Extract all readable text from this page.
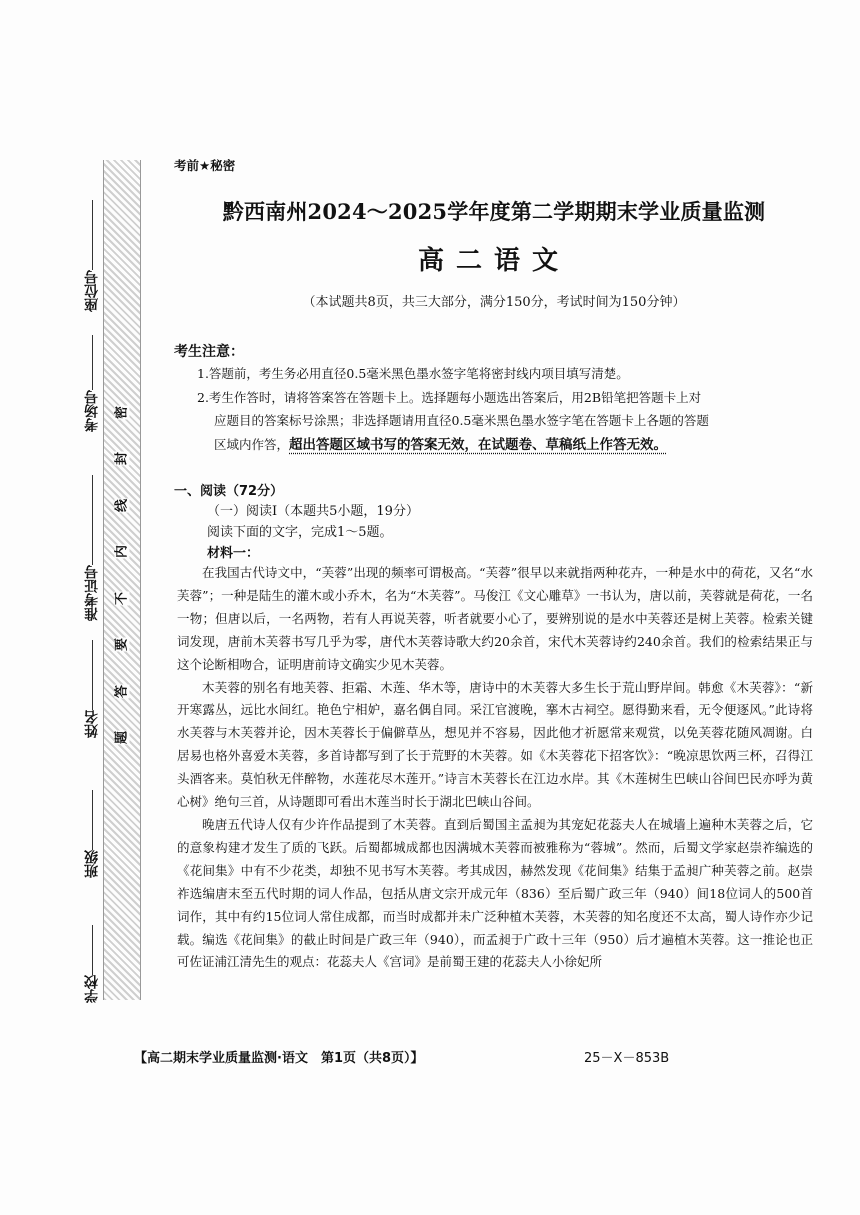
密
封
线
内
不
要
答
题
座位号
考场号
准考证号
姓名
班级
学校
考前★秘密
黔西南州2024～2025学年度第二学期期末学业质量监测
高二语文
（本试题共8页，共三大部分，满分150分，考试时间为150分钟）
考生注意：

1.答题前，考生务必用直径0.5毫米黑色墨水签字笔将密封线内项目填写清楚。

2.考生作答时，请将答案答在答题卡上。选择题每小题选出答案后，用2B铅笔把答题卡上对

应题目的答案标号涂黑；非选择题请用直径0.5毫米黑色墨水签字笔在答题卡上各题的答题

区域内作答，超出答题区域书写的答案无效，在试题卷、草稿纸上作答无效。

一、阅读（72分）
（一）阅读Ⅰ（本题共5小题，19分）
阅读下面的文字，完成1～5题。
材料一：

在我国古代诗文中，“芙蓉”出现的频率可谓极高。“芙蓉”很早以来就指两种花卉，一种是水中的荷花，又名“水芙蓉”；一种是陆生的灌木或小乔木，名为“木芙蓉”。马俊江《文心雕草》一书认为，唐以前，芙蓉就是荷花，一名一物；但唐以后，一名两物，若有人再说芙蓉，听者就要小心了，要辨别说的是水中芙蓉还是树上芙蓉。检索关键词发现，唐前木芙蓉书写几乎为零，唐代木芙蓉诗歌大约20余首，宋代木芙蓉诗约240余首。我们的检索结果正与这个论断相吻合，证明唐前诗文确实少见木芙蓉。

木芙蓉的别名有地芙蓉、拒霜、木莲、华木等，唐诗中的木芙蓉大多生长于荒山野岸间。韩愈《木芙蓉》：“新开寒露丛，远比水间红。艳色宁相妒，嘉名偶自同。采江官渡晚，搴木古祠空。愿得勤来看，无令便逐风。”此诗将水芙蓉与木芙蓉并论，因木芙蓉长于偏僻草丛，想见并不容易，因此他才祈愿常来观赏，以免芙蓉花随风凋谢。白居易也格外喜爱木芙蓉，多首诗都写到了长于荒野的木芙蓉。如《木芙蓉花下招客饮》：“晚凉思饮两三杯，召得江头酒客来。莫怕秋无伴醉物，水莲花尽木莲开。”诗言木芙蓉长在江边水岸。其《木莲树生巴峡山谷间巴民亦呼为黄心树》绝句三首，从诗题即可看出木莲当时长于湖北巴峡山谷间。

晚唐五代诗人仅有少许作品提到了木芙蓉。直到后蜀国主孟昶为其宠妃花蕊夫人在城墙上遍种木芙蓉之后，它的意象构建才发生了质的飞跃。后蜀都城成都也因满城木芙蓉而被雅称为“蓉城”。然而，后蜀文学家赵崇祚编选的《花间集》中有不少花类，却独不见书写木芙蓉。考其成因，赫然发现《花间集》结集于孟昶广种芙蓉之前。赵崇祚选编唐末至五代时期的词人作品，包括从唐文宗开成元年（836）至后蜀广政三年（940）间18位词人的500首词作，其中有约15位词人常住成都，而当时成都并未广泛种植木芙蓉，木芙蓉的知名度还不太高，蜀人诗作亦少记载。编选《花间集》的截止时间是广政三年（940），而孟昶于广政十三年（950）后才遍植木芙蓉。这一推论也正可佐证浦江清先生的观点：花蕊夫人《宫词》是前蜀王建的花蕊夫人小徐妃所

【高二期末学业质量监测·语文　第1页（共8页）】	25－X－853B
